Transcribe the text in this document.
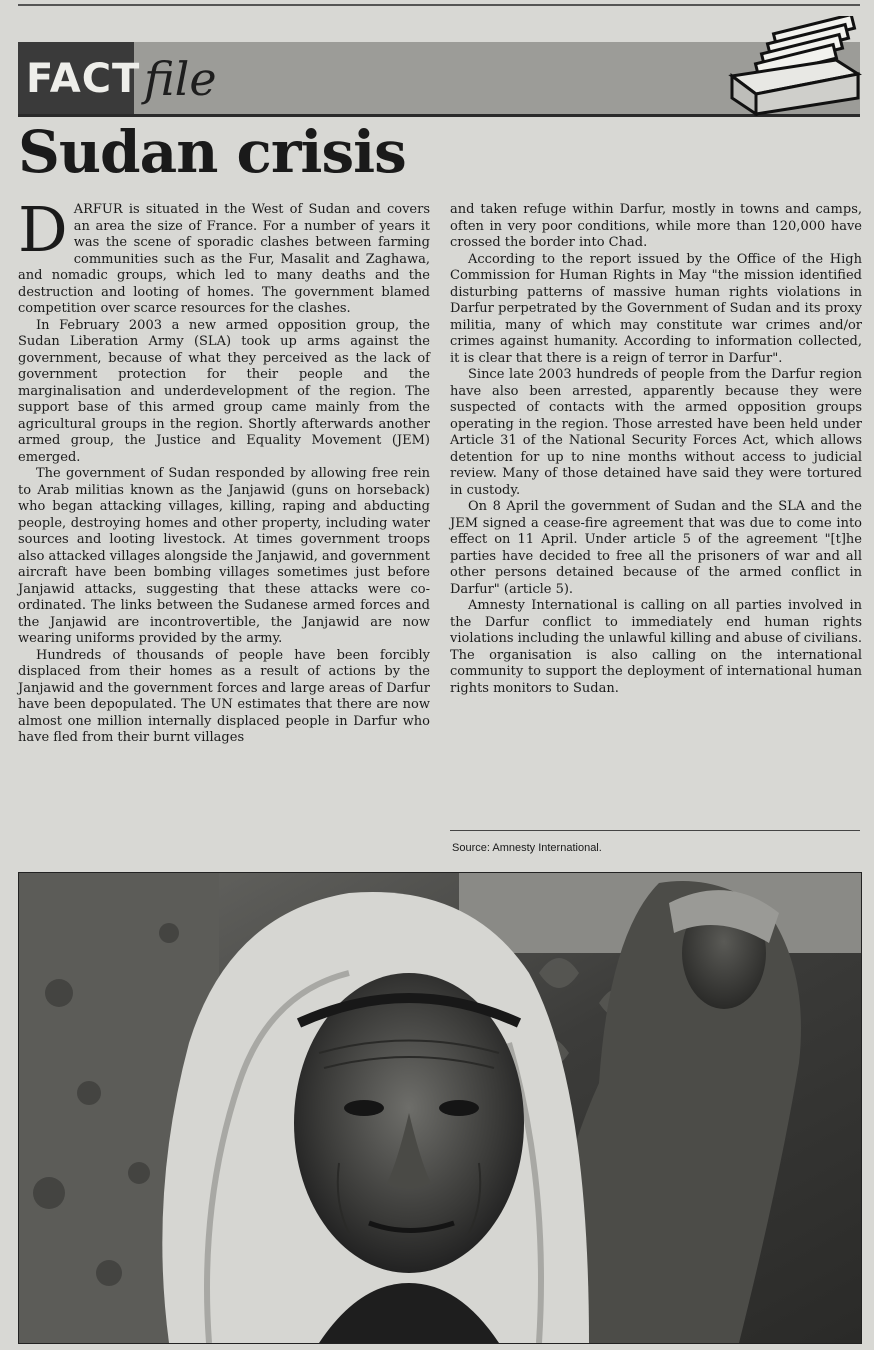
FACT file
Sudan crisis

DARFUR is situated in the West of Sudan and covers an area the size of France. For a number of years it was the scene of sporadic clashes between farming communities such as the Fur, Masalit and Zaghawa, and nomadic groups, which led to many deaths and the destruction and looting of homes. The government blamed competition over scarce resources for the clashes.

In February 2003 a new armed opposition group, the Sudan Liberation Army (SLA) took up arms against the government, because of what they perceived as the lack of government protection for their people and the marginalisation and underdevelopment of the region. The support base of this armed group came mainly from the agricultural groups in the region. Shortly afterwards another armed group, the Justice and Equality Movement (JEM) emerged.

The government of Sudan responded by allowing free rein to Arab militias known as the Janjawid (guns on horseback) who began attacking villages, killing, raping and abducting people, destroying homes and other property, including water sources and looting livestock. At times government troops also attacked villages alongside the Janjawid, and government aircraft have been bombing villages sometimes just before Janjawid attacks, suggesting that these attacks were co-ordinated. The links between the Sudanese armed forces and the Janjawid are incontrovertible, the Janjawid are now wearing uniforms provided by the army.

Hundreds of thousands of people have been forcibly displaced from their homes as a result of actions by the Janjawid and the government forces and large areas of Darfur have been depopulated. The UN estimates that there are now almost one million internally displaced people in Darfur who have fled from their burnt villages

and taken refuge within Darfur, mostly in towns and camps, often in very poor conditions, while more than 120,000 have crossed the border into Chad.

According to the report issued by the Office of the High Commission for Human Rights in May "the mission identified disturbing patterns of massive human rights violations in Darfur perpetrated by the Government of Sudan and its proxy militia, many of which may constitute war crimes and/or crimes against humanity. According to information collected, it is clear that there is a reign of terror in Darfur".

Since late 2003 hundreds of people from the Darfur region have also been arrested, apparently because they were suspected of contacts with the armed opposition groups operating in the region. Those arrested have been held under Article 31 of the National Security Forces Act, which allows detention for up to nine months without access to judicial review. Many of those detained have said they were tortured in custody.

On 8 April the government of Sudan and the SLA and the JEM signed a cease-fire agreement that was due to come into effect on 11 April. Under article 5 of the agreement "[t]he parties have decided to free all the prisoners of war and all other persons detained because of the armed conflict in Darfur" (article 5).

Amnesty International is calling on all parties involved in the Darfur conflict to immediately end human rights violations including the unlawful killing and abuse of civilians. The organisation is also calling on the international community to support the deployment of international human rights monitors to Sudan.

Source: Amnesty International.
